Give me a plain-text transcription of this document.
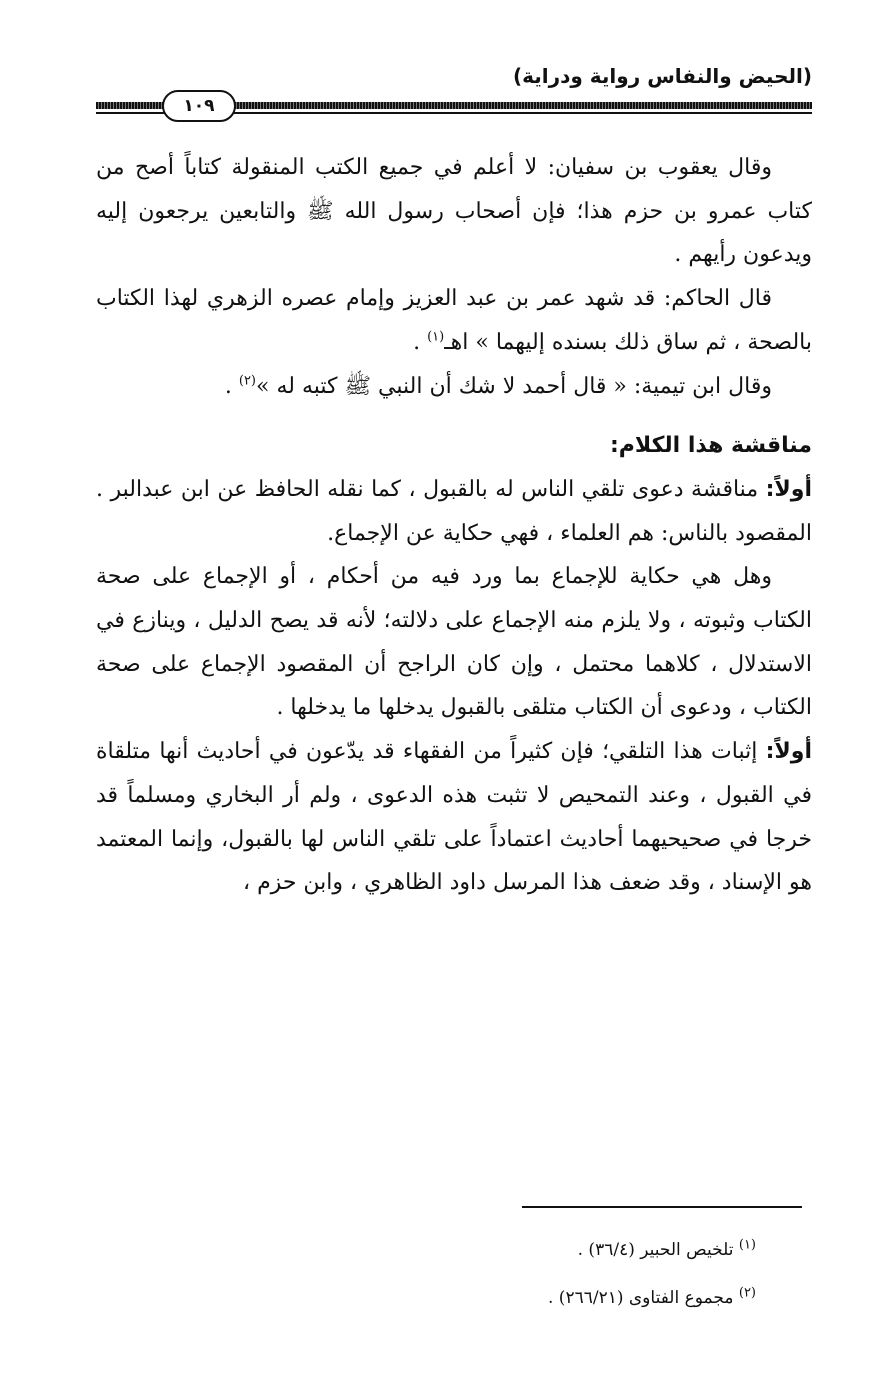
(الحيض والنفاس رواية ودراية)
١٠٩

وقال يعقوب بن سفيان: لا أعلم في جميع الكتب المنقولة كتاباً أصح من كتاب عمرو بن حزم هذا؛ فإن أصحاب رسول الله ﷺ والتابعين يرجعون إليه ويدعون رأيهم .

قال الحاكم: قد شهد عمر بن عبد العزيز وإمام عصره الزهري لهذا الكتاب بالصحة ، ثم ساق ذلك بسنده إليهما » اهـ$^{(١)}$ .

وقال ابن تيمية: « قال أحمد لا شك أن النبي ﷺ كتبه له »$^{(٢)}$ .

مناقشة هذا الكلام:

أولاً: مناقشة دعوى تلقي الناس له بالقبول ، كما نقله الحافظ عن ابن عبدالبر . المقصود بالناس: هم العلماء ، فهي حكاية عن الإجماع.

وهل هي حكاية للإجماع بما ورد فيه من أحكام ، أو الإجماع على صحة الكتاب وثبوته ، ولا يلزم منه الإجماع على دلالته؛ لأنه قد يصح الدليل ، وينازع في الاستدلال ، كلاهما محتمل ، وإن كان الراجح أن المقصود الإجماع على صحة الكتاب ، ودعوى أن الكتاب متلقى بالقبول يدخلها ما يدخلها .

أولاً: إثبات هذا التلقي؛ فإن كثيراً من الفقهاء قد يدّعون في أحاديث أنها متلقاة في القبول ، وعند التمحيص لا تثبت هذه الدعوى ، ولم أر البخاري ومسلماً قد خرجا في صحيحيهما أحاديث اعتماداً على تلقي الناس لها بالقبول، وإنما المعتمد هو الإسناد ، وقد ضعف هذا المرسل داود الظاهري ، وابن حزم ،

$^{(١)}$ تلخيص الحبير (٣٦/٤) .

$^{(٢)}$ مجموع الفتاوى (٢٦٦/٢١) .
